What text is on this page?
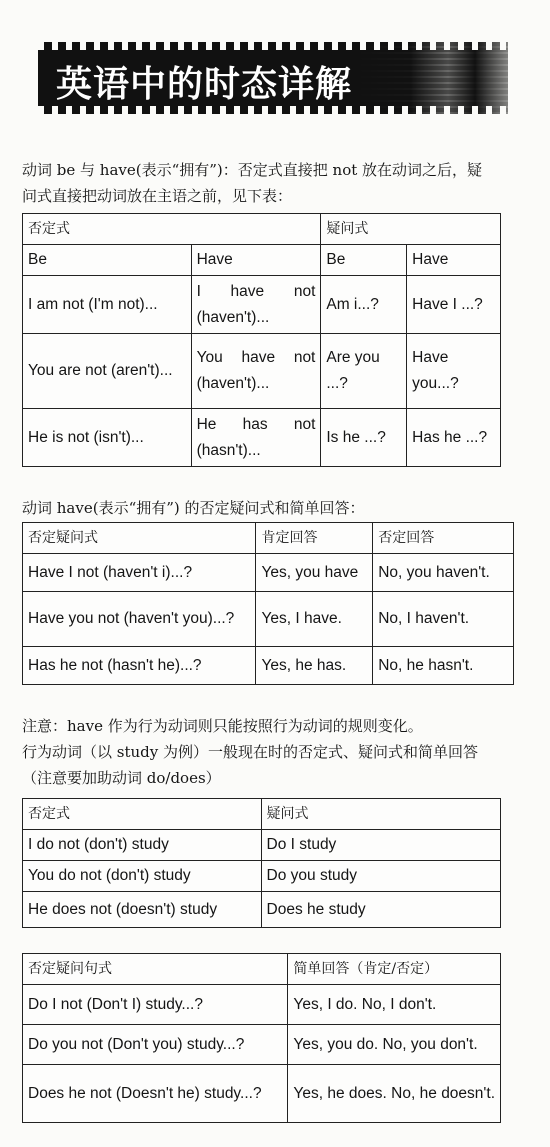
英语中的时态详解

动词 be 与 have(表示“拥有”)：否定式直接把 not 放在动词之后，疑

问式直接把动词放在主语之前，见下表：

否定式		疑问式	
Be	Have	Be	Have
I am not (I'm not)...	I have not (haven't)...	Am i...?	Have I ...?
You are not (aren't)...	You have not (haven't)...	Are you ...?	Have you...?
He is not (isn't)...	He has not (hasn't)...	Is he ...?	Has he ...?

动词 have(表示“拥有”) 的否定疑问式和简单回答：

否定疑问式	肯定回答	否定回答
Have I not (haven't i)...?	Yes, you have	No, you haven't.
Have you not (haven't you)...?	Yes, I have.	No, I haven't.
Has he not (hasn't he)...?	Yes, he has.	No, he hasn't.

注意：have 作为行为动词则只能按照行为动词的规则变化。

行为动词（以 study 为例）一般现在时的否定式、疑问式和简单回答

（注意要加助动词 do/does）

否定式	疑问式
I do not (don't) study	Do I study
You do not (don't) study	Do you study
He does not (doesn't) study	Does he study
否定疑问句式	简单回答（肯定/否定）
Do I not (Don't I) study...?	Yes, I do. No, I don't.
Do you not (Don't you) study...?	Yes, you do. No, you don't.
Does he not (Doesn't he) study...?	Yes, he does. No, he doesn't.
